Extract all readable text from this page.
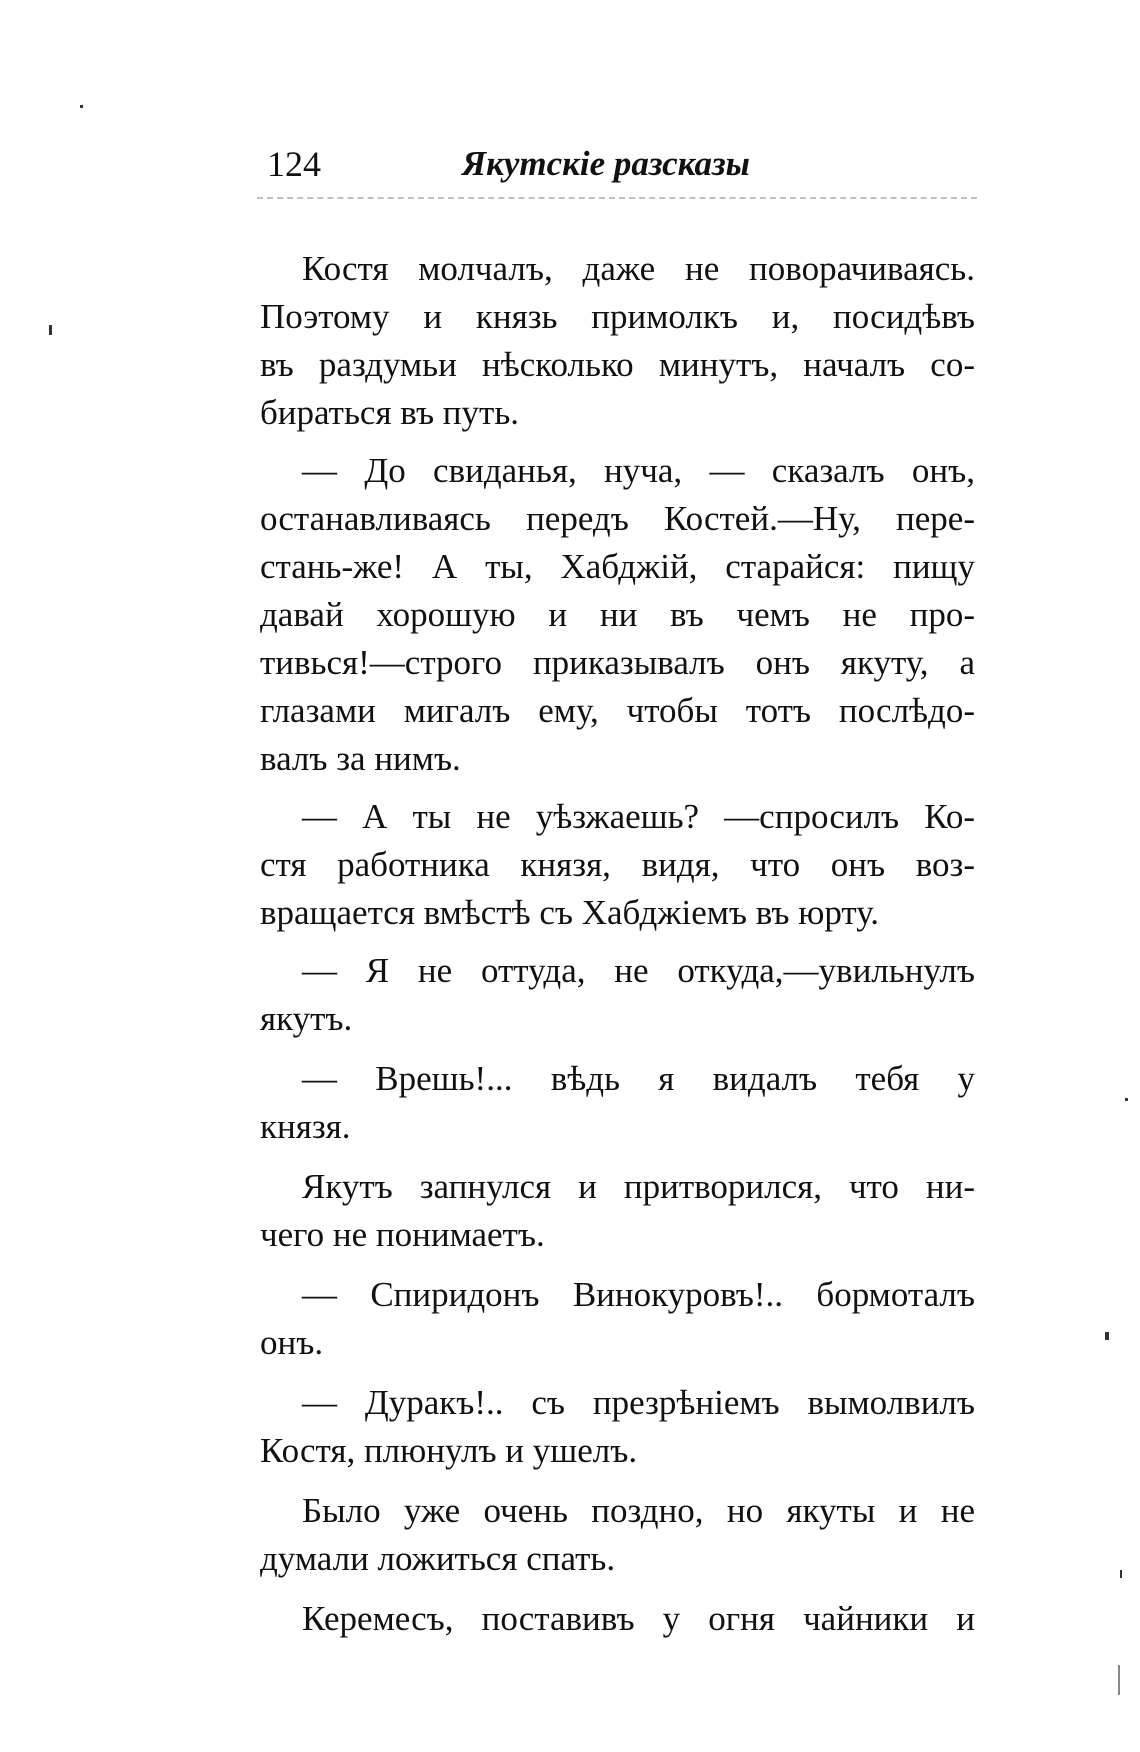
124	Якутскіе разсказы
Костя молчалъ, даже не поворачиваясь.
Поэтому и князь примолкъ и, посидѣвъ
въ раздумьи нѣсколько минутъ, началъ со-
бираться въ путь.
— До свиданья, нуча, — сказалъ онъ,
останавливаясь передъ Костей.—Ну, пере-
стань-же! А ты, Хабджій, старайся: пищу
давай хорошую и ни въ чемъ не про-
тивься!—строго приказывалъ онъ якуту, а
глазами мигалъ ему, чтобы тотъ послѣдо-
валъ за нимъ.
— А ты не уѣзжаешь? —спросилъ Ко-
стя работника князя, видя, что онъ воз-
вращается вмѣстѣ съ Хабджіемъ въ юрту.
— Я не оттуда, не откуда,—увильнулъ
якутъ.
— Врешь!... вѣдь я видалъ тебя у
князя.
Якутъ запнулся и притворился, что ни-
чего не понимаетъ.
— Спиридонъ Винокуровъ!.. бормоталъ
онъ.
— Дуракъ!.. съ презрѣніемъ вымолвилъ
Костя, плюнулъ и ушелъ.
Было уже очень поздно, но якуты и не
думали ложиться спать.
Керемесъ, поставивъ у огня чайники и
